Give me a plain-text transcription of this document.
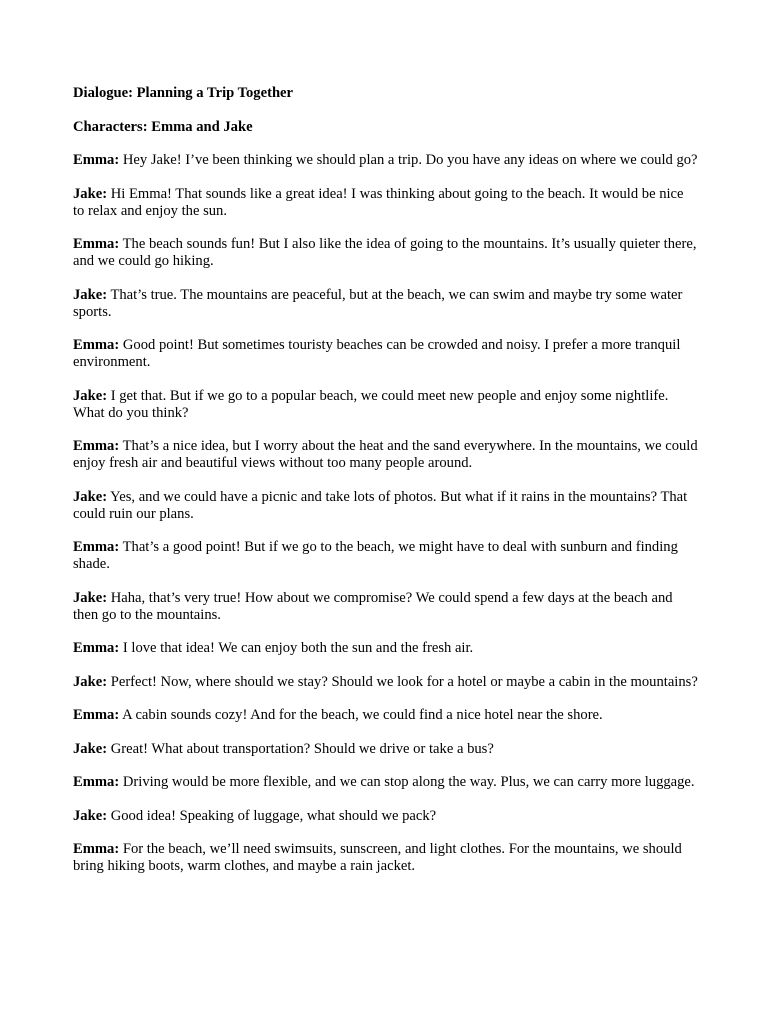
Dialogue: Planning a Trip Together

Characters: Emma and Jake

Emma: Hey Jake! I’ve been thinking we should plan a trip. Do you have any ideas on where we could go?

Jake: Hi Emma! That sounds like a great idea! I was thinking about going to the beach. It would be nice to relax and enjoy the sun.

Emma: The beach sounds fun! But I also like the idea of going to the mountains. It’s usually quieter there, and we could go hiking.

Jake: That’s true. The mountains are peaceful, but at the beach, we can swim and maybe try some water sports.

Emma: Good point! But sometimes touristy beaches can be crowded and noisy. I prefer a more tranquil environment.

Jake: I get that. But if we go to a popular beach, we could meet new people and enjoy some nightlife. What do you think?

Emma: That’s a nice idea, but I worry about the heat and the sand everywhere. In the mountains, we could enjoy fresh air and beautiful views without too many people around.

Jake: Yes, and we could have a picnic and take lots of photos. But what if it rains in the mountains? That could ruin our plans.

Emma: That’s a good point! But if we go to the beach, we might have to deal with sunburn and finding shade.

Jake: Haha, that’s very true! How about we compromise? We could spend a few days at the beach and then go to the mountains.

Emma: I love that idea! We can enjoy both the sun and the fresh air.

Jake: Perfect! Now, where should we stay? Should we look for a hotel or maybe a cabin in the mountains?

Emma: A cabin sounds cozy! And for the beach, we could find a nice hotel near the shore.

Jake: Great! What about transportation? Should we drive or take a bus?

Emma: Driving would be more flexible, and we can stop along the way. Plus, we can carry more luggage.

Jake: Good idea! Speaking of luggage, what should we pack?

Emma: For the beach, we’ll need swimsuits, sunscreen, and light clothes. For the mountains, we should bring hiking boots, warm clothes, and maybe a rain jacket.
